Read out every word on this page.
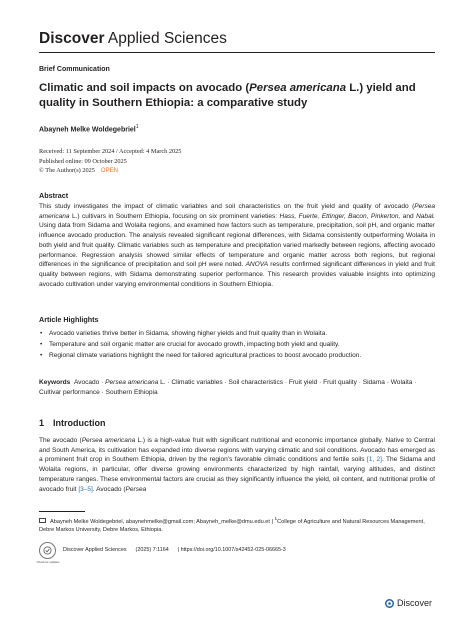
Discover Applied Sciences
Brief Communication
Climatic and soil impacts on avocado (Persea americana L.) yield and quality in Southern Ethiopia: a comparative study
Abayneh Melke Woldegebriel$^1$
Received: 11 September 2024 / Accepted: 4 March 2025
Published online: 09 October 2025
© The Author(s) 2025 OPEN
Abstract

This study investigates the impact of climatic variables and soil characteristics on the fruit yield and quality of avocado (Persea americana L.) cultivars in Southern Ethiopia, focusing on six prominent varieties: Hass, Fuerte, Ettinger, Bacon, Pinkerton, and Nabal. Using data from Sidama and Wolaita regions, and examined how factors such as temperature, precipitation, soil pH, and organic matter influence avocado production. The analysis revealed significant regional differences, with Sidama consistently outperforming Wolaita in both yield and fruit quality. Climatic variables such as temperature and precipitation varied markedly between regions, affecting avocado performance. Regression analysis showed similar effects of temperature and organic matter across both regions, but regional differences in the significance of precipitation and soil pH were noted. ANOVA results confirmed significant differences in yield and fruit quality between regions, with Sidama demonstrating superior performance. This research provides valuable insights into optimizing avocado cultivation under varying environmental conditions in Southern Ethiopia.

Article Highlights
• Avocado varieties thrive better in Sidama, showing higher yields and fruit quality than in Wolaita.
• Temperature and soil organic matter are crucial for avocado growth, impacting both yield and quality.
• Regional climate variations highlight the need for tailored agricultural practices to boost avocado production.

Keywords Avocado · Persea americana L. · Climatic variables · Soil characteristics · Fruit yield · Fruit quality · Sidama · Wolaita · Cultivar performance · Southern Ethiopia

1 Introduction

The avocado (Persea americana L.) is a high-value fruit with significant nutritional and economic importance globally. Native to Central and South America, its cultivation has expanded into diverse regions with varying climatic and soil conditions. Avocado has emerged as a prominent fruit crop in Southern Ethiopia, driven by the region’s favorable climatic conditions and fertile soils [1, 2]. The Sidama and Wolaita regions, in particular, offer diverse growing environments characterized by high rainfall, varying altitudes, and distinct temperature ranges. These environmental factors are crucial as they significantly influence the yield, oil content, and nutritional profile of avocado fruit [3–5]. Avocado (Persea

Abayneh Melke Woldegebriel, abaynehmelke@gmail.com; Abayneh_melke@dmu.edu.et | $^1$College of Agriculture and Natural Resources Management, Debre Markos University, Debre Markos, Ethiopia.

Check for updates
Discover Applied Sciences (2025) 7:1164 | https://doi.org/10.1007/s42452-025-06665-3
Discover
